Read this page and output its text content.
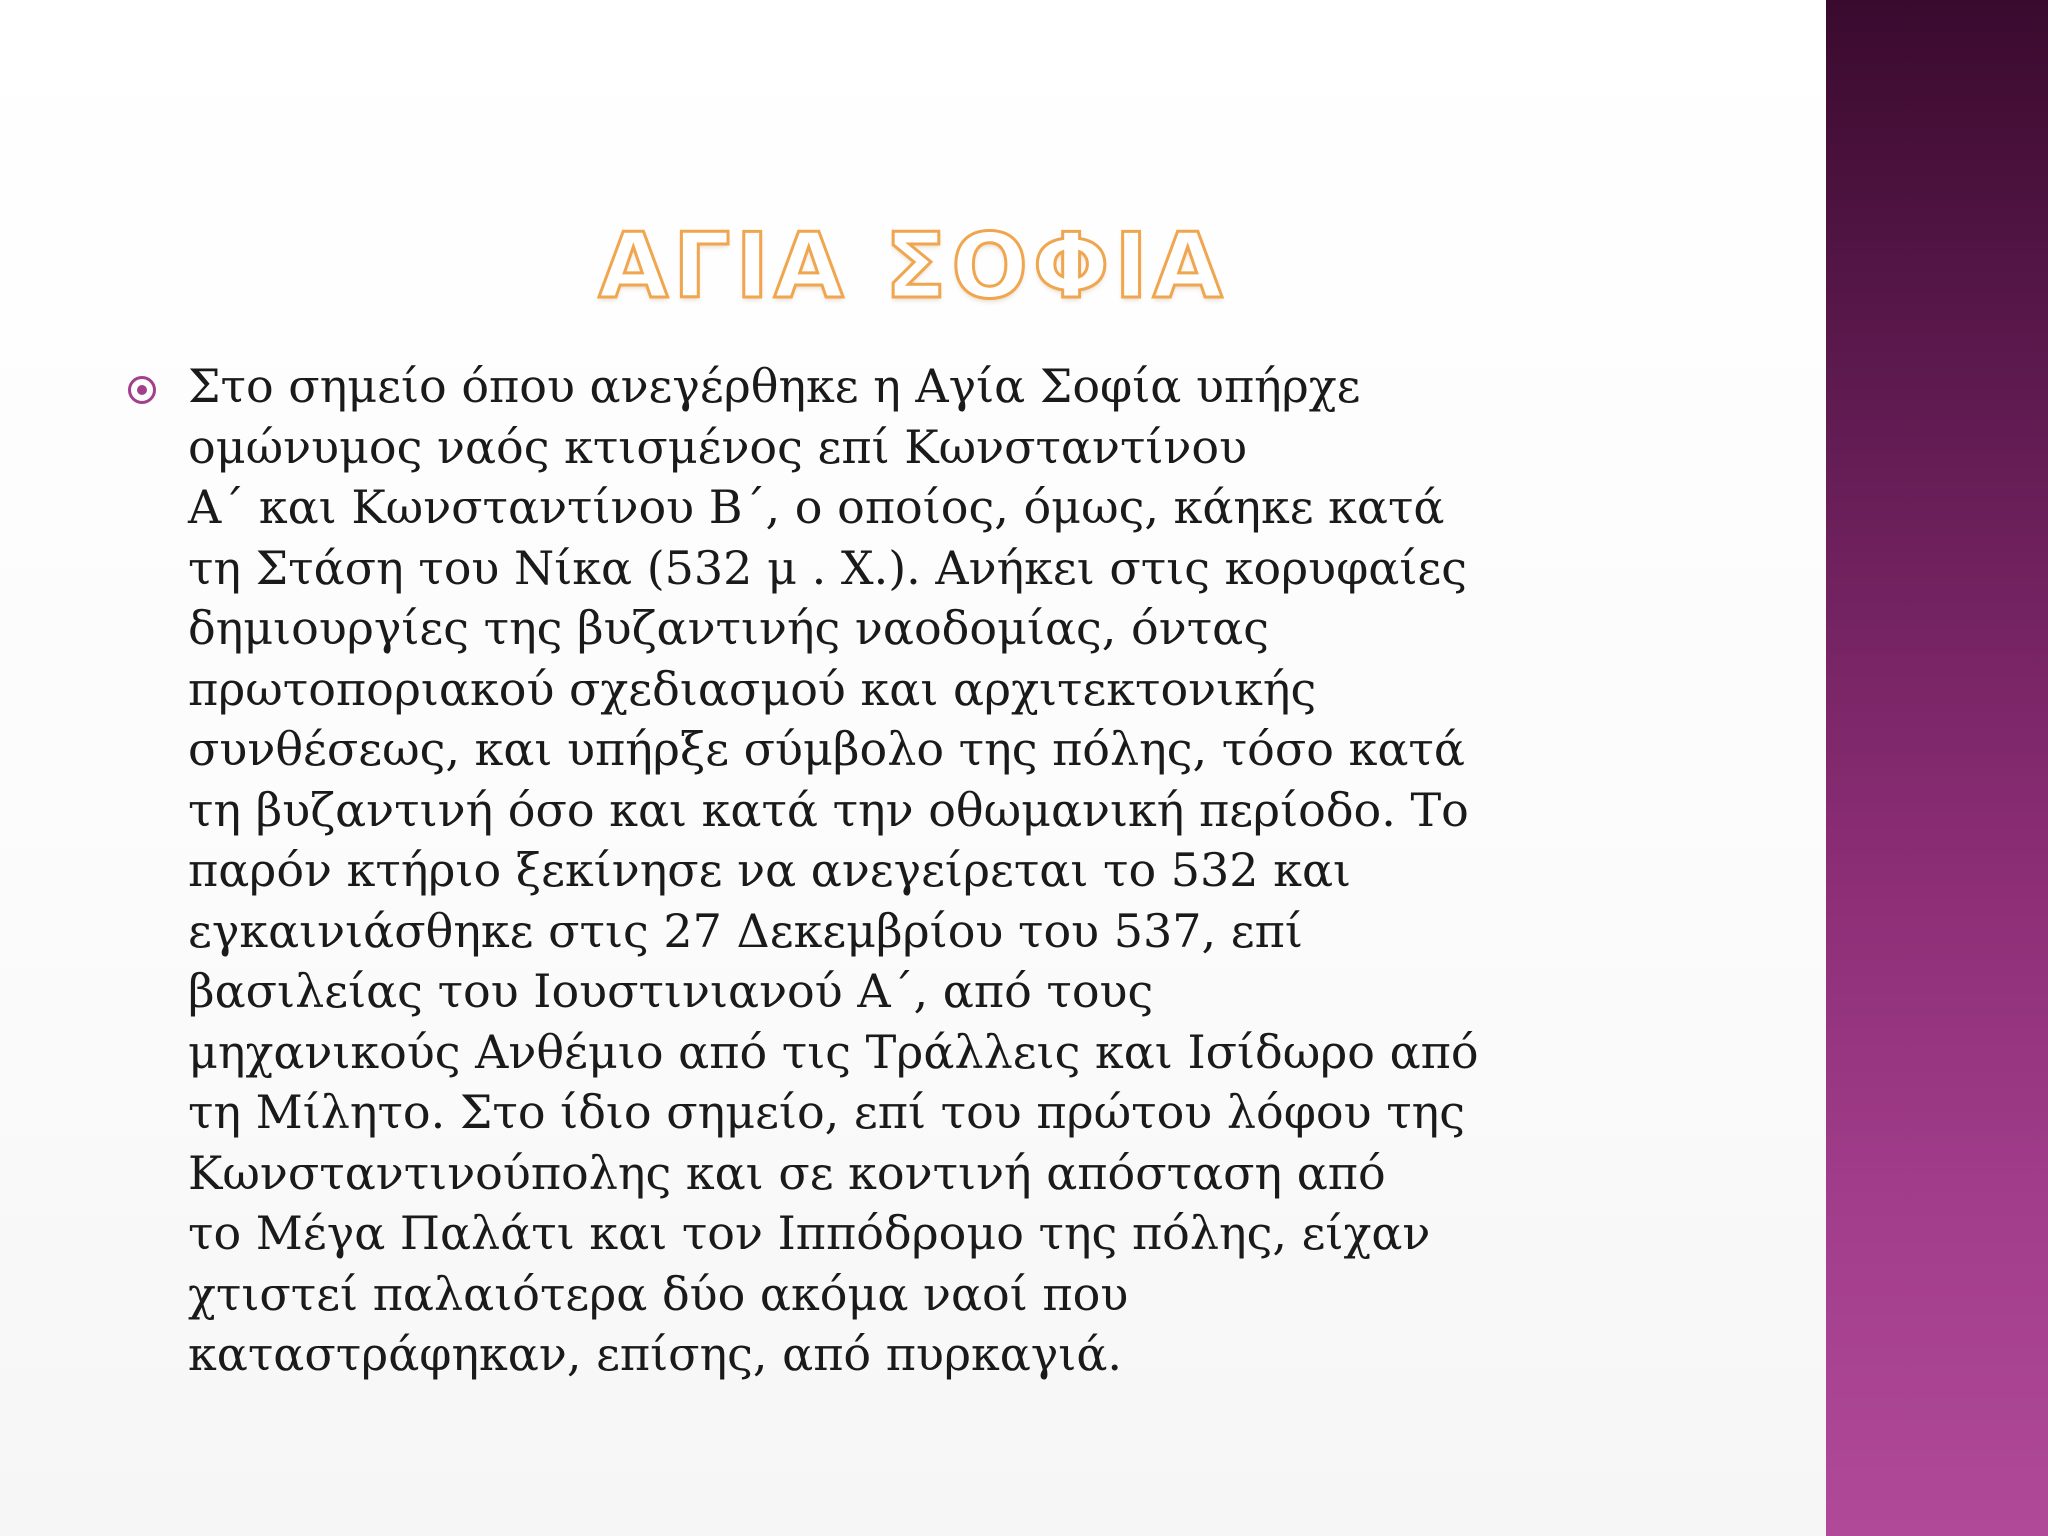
ΑΓΙΑ ΣΟΦΙΑ

Στο σημείο όπου ανεγέρθηκε η Αγία Σοφία υπήρχε
ομώνυμος ναός κτισμένος επί Κωνσταντίνου
Α΄ και Κωνσταντίνου Β΄, ο οποίος, όμως, κάηκε κατά
τη Στάση του Νίκα (532 μ . Χ.). Ανήκει στις κορυφαίες
δημιουργίες της βυζαντινής ναοδομίας, όντας
πρωτοποριακού σχεδιασμού και αρχιτεκτονικής
συνθέσεως, και υπήρξε σύμβολο της πόλης, τόσο κατά
τη βυζαντινή όσο και κατά την οθωμανική περίοδο. Το
παρόν κτήριο ξεκίνησε να ανεγείρεται το 532 και
εγκαινιάσθηκε στις 27 Δεκεμβρίου του 537, επί
βασιλείας του Ιουστινιανού Α΄, από τους
μηχανικούς Ανθέμιο από τις Τράλλεις και Ισίδωρο από
τη Μίλητο. Στο ίδιο σημείο, επί του πρώτου λόφου της
Κωνσταντινούπολης και σε κοντινή απόσταση από
το Μέγα Παλάτι και τον Ιππόδρομο της πόλης, είχαν
χτιστεί παλαιότερα δύο ακόμα ναοί που
καταστράφηκαν, επίσης, από πυρκαγιά.
